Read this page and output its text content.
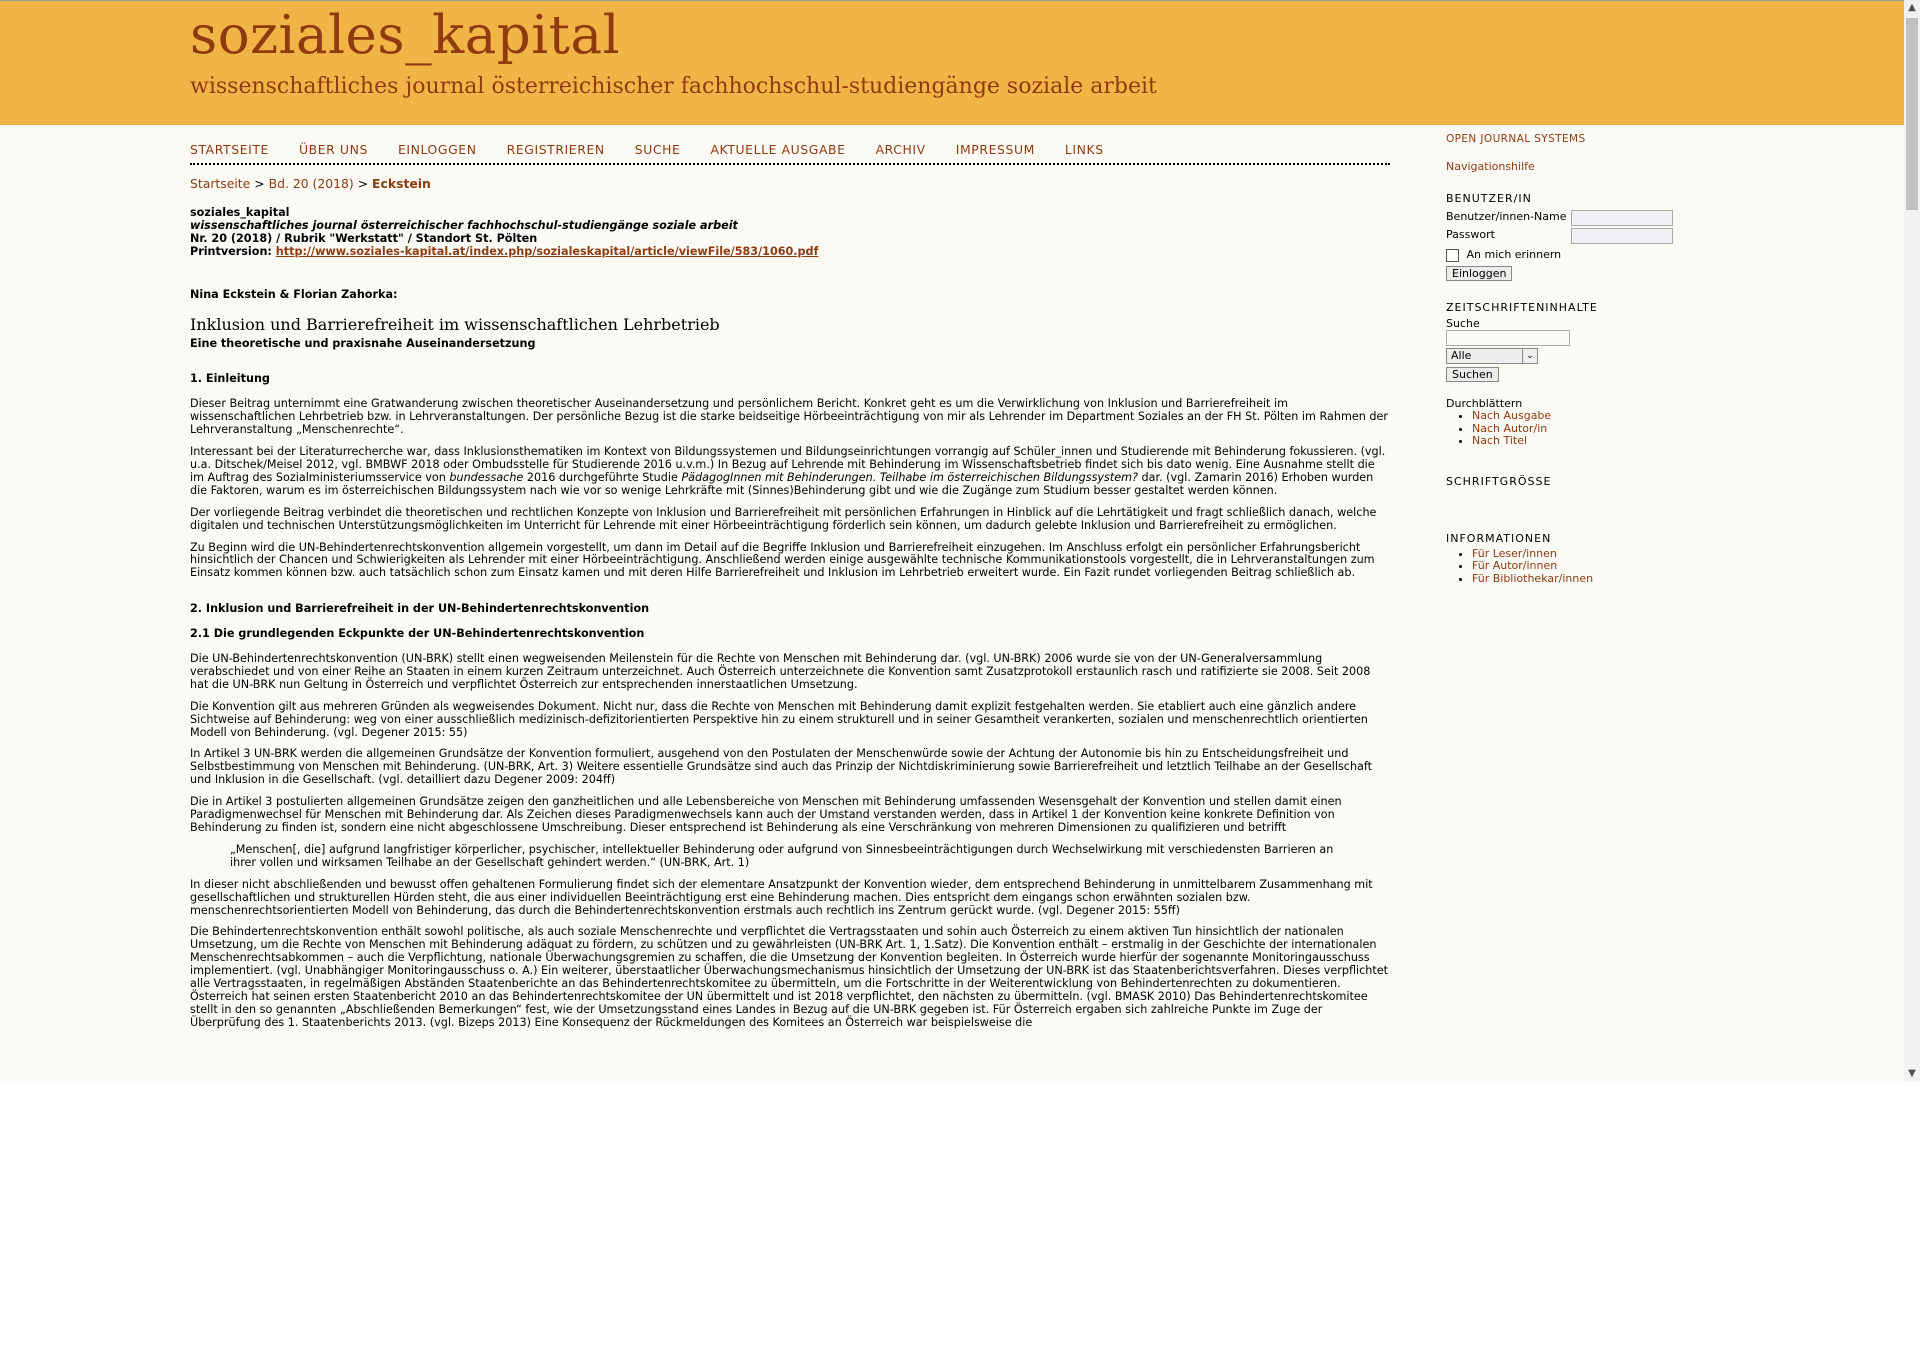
soziales_kapital
wissenschaftliches journal österreichischer fachhochschul-studiengänge soziale arbeit
STARTSEITE ÜBER UNS EINLOGGEN REGISTRIEREN SUCHE AKTUELLE AUSGABE ARCHIV IMPRESSUM LINKS
Startseite > Bd. 20 (2018) > Eckstein
soziales_kapital
wissenschaftliches journal österreichischer fachhochschul-studiengänge soziale arbeit
Nr. 20 (2018) / Rubrik "Werkstatt" / Standort St. Pölten
Printversion: http://www.soziales-kapital.at/index.php/sozialeskapital/article/viewFile/583/1060.pdf
Nina Eckstein & Florian Zahorka:
Inklusion und Barrierefreiheit im wissenschaftlichen Lehrbetrieb
Eine theoretische und praxisnahe Auseinandersetzung
1. Einleitung

Dieser Beitrag unternimmt eine Gratwanderung zwischen theoretischer Auseinandersetzung und persönlichem Bericht. Konkret geht es um die Verwirklichung von Inklusion und Barrierefreiheit im wissenschaftlichen Lehrbetrieb bzw. in Lehrveranstaltungen. Der persönliche Bezug ist die starke beidseitige Hörbeeinträchtigung von mir als Lehrender im Department Soziales an der FH St. Pölten im Rahmen der Lehrveranstaltung „Menschenrechte“.

Interessant bei der Literaturrecherche war, dass Inklusionsthematiken im Kontext von Bildungssystemen und Bildungseinrichtungen vorrangig auf Schüler_innen und Studierende mit Behinderung fokussieren. (vgl. u.a. Ditschek/Meisel 2012, vgl. BMBWF 2018 oder Ombudsstelle für Studierende 2016 u.v.m.) In Bezug auf Lehrende mit Behinderung im Wissenschaftsbetrieb findet sich bis dato wenig. Eine Ausnahme stellt die im Auftrag des Sozialministeriumsservice von bundessache 2016 durchgeführte Studie PädagogInnen mit Behinderungen. Teilhabe im österreichischen Bildungssystem? dar. (vgl. Zamarin 2016) Erhoben wurden die Faktoren, warum es im österreichischen Bildungssystem nach wie vor so wenige Lehrkräfte mit (Sinnes)Behinderung gibt und wie die Zugänge zum Studium besser gestaltet werden können.

Der vorliegende Beitrag verbindet die theoretischen und rechtlichen Konzepte von Inklusion und Barrierefreiheit mit persönlichen Erfahrungen in Hinblick auf die Lehrtätigkeit und fragt schließlich danach, welche digitalen und technischen Unterstützungsmöglichkeiten im Unterricht für Lehrende mit einer Hörbeeinträchtigung förderlich sein können, um dadurch gelebte Inklusion und Barrierefreiheit zu ermöglichen.

Zu Beginn wird die UN-Behindertenrechtskonvention allgemein vorgestellt, um dann im Detail auf die Begriffe Inklusion und Barrierefreiheit einzugehen. Im Anschluss erfolgt ein persönlicher Erfahrungsbericht hinsichtlich der Chancen und Schwierigkeiten als Lehrender mit einer Hörbeeinträchtigung. Anschließend werden einige ausgewählte technische Kommunikationstools vorgestellt, die in Lehrveranstaltungen zum Einsatz kommen können bzw. auch tatsächlich schon zum Einsatz kamen und mit deren Hilfe Barrierefreiheit und Inklusion im Lehrbetrieb erweitert wurde. Ein Fazit rundet vorliegenden Beitrag schließlich ab.

2. Inklusion und Barrierefreiheit in der UN-Behindertenrechtskonvention
2.1 Die grundlegenden Eckpunkte der UN-Behindertenrechtskonvention

Die UN-Behindertenrechtskonvention (UN-BRK) stellt einen wegweisenden Meilenstein für die Rechte von Menschen mit Behinderung dar. (vgl. UN-BRK) 2006 wurde sie von der UN-Generalversammlung verabschiedet und von einer Reihe an Staaten in einem kurzen Zeitraum unterzeichnet. Auch Österreich unterzeichnete die Konvention samt Zusatzprotokoll erstaunlich rasch und ratifizierte sie 2008. Seit 2008 hat die UN-BRK nun Geltung in Österreich und verpflichtet Österreich zur entsprechenden innerstaatlichen Umsetzung.

Die Konvention gilt aus mehreren Gründen als wegweisendes Dokument. Nicht nur, dass die Rechte von Menschen mit Behinderung damit explizit festgehalten werden. Sie etabliert auch eine gänzlich andere Sichtweise auf Behinderung: weg von einer ausschließlich medizinisch-defizitorientierten Perspektive hin zu einem strukturell und in seiner Gesamtheit verankerten, sozialen und menschenrechtlich orientierten Modell von Behinderung. (vgl. Degener 2015: 55)

In Artikel 3 UN-BRK werden die allgemeinen Grundsätze der Konvention formuliert, ausgehend von den Postulaten der Menschenwürde sowie der Achtung der Autonomie bis hin zu Entscheidungsfreiheit und Selbstbestimmung von Menschen mit Behinderung. (UN-BRK, Art. 3) Weitere essentielle Grundsätze sind auch das Prinzip der Nichtdiskriminierung sowie Barrierefreiheit und letztlich Teilhabe an der Gesellschaft und Inklusion in die Gesellschaft. (vgl. detailliert dazu Degener 2009: 204ff)

Die in Artikel 3 postulierten allgemeinen Grundsätze zeigen den ganzheitlichen und alle Lebensbereiche von Menschen mit Behinderung umfassenden Wesensgehalt der Konvention und stellen damit einen Paradigmenwechsel für Menschen mit Behinderung dar. Als Zeichen dieses Paradigmenwechsels kann auch der Umstand verstanden werden, dass in Artikel 1 der Konvention keine konkrete Definition von Behinderung zu finden ist, sondern eine nicht abgeschlossene Umschreibung. Dieser entsprechend ist Behinderung als eine Verschränkung von mehreren Dimensionen zu qualifizieren und betrifft

„Menschen[, die] aufgrund langfristiger körperlicher, psychischer, intellektueller Behinderung oder aufgrund von Sinnesbeeinträchtigungen durch Wechselwirkung mit verschiedensten Barrieren an ihrer vollen und wirksamen Teilhabe an der Gesellschaft gehindert werden.“ (UN-BRK, Art. 1)

In dieser nicht abschließenden und bewusst offen gehaltenen Formulierung findet sich der elementare Ansatzpunkt der Konvention wieder, dem entsprechend Behinderung in unmittelbarem Zusammenhang mit gesellschaftlichen und strukturellen Hürden steht, die aus einer individuellen Beeinträchtigung erst eine Behinderung machen. Dies entspricht dem eingangs schon erwähnten sozialen bzw. menschenrechtsorientierten Modell von Behinderung, das durch die Behindertenrechtskonvention erstmals auch rechtlich ins Zentrum gerückt wurde. (vgl. Degener 2015: 55ff)

Die Behindertenrechtskonvention enthält sowohl politische, als auch soziale Menschenrechte und verpflichtet die Vertragsstaaten und sohin auch Österreich zu einem aktiven Tun hinsichtlich der nationalen Umsetzung, um die Rechte von Menschen mit Behinderung adäquat zu fördern, zu schützen und zu gewährleisten (UN-BRK Art. 1, 1.Satz). Die Konvention enthält – erstmalig in der Geschichte der internationalen Menschenrechtsabkommen – auch die Verpflichtung, nationale Überwachungsgremien zu schaffen, die die Umsetzung der Konvention begleiten. In Österreich wurde hierfür der sogenannte Monitoringausschuss implementiert. (vgl. Unabhängiger Monitoringausschuss o. A.) Ein weiterer, überstaatlicher Überwachungsmechanismus hinsichtlich der Umsetzung der UN-BRK ist das Staatenberichtsverfahren. Dieses verpflichtet alle Vertragsstaaten, in regelmäßigen Abständen Staatenberichte an das Behindertenrechtskomitee zu übermitteln, um die Fortschritte in der Weiterentwicklung von Behindertenrechten zu dokumentieren. Österreich hat seinen ersten Staatenbericht 2010 an das Behindertenrechtskomitee der UN übermittelt und ist 2018 verpflichtet, den nächsten zu übermitteln. (vgl. BMASK 2010) Das Behindertenrechtskomitee stellt in den so genannten „Abschließenden Bemerkungen“ fest, wie der Umsetzungsstand eines Landes in Bezug auf die UN-BRK gegeben ist. Für Österreich ergaben sich zahlreiche Punkte im Zuge der Überprüfung des 1. Staatenberichts 2013. (vgl. Bizeps 2013) Eine Konsequenz der Rückmeldungen des Komitees an Österreich war beispielsweise die

OPEN JOURNAL SYSTEMS
Navigationshilfe
BENUTZER/IN
Benutzer/innen-Name
Passwort
An mich erinnern
Einloggen
ZEITSCHRIFTENINHALTE
Suche
Alle	⌄
Suchen
Durchblättern
• Nach Ausgabe
• Nach Autor/in
• Nach Titel
SCHRIFTGRÖSSE
INFORMATIONEN
• Für Leser/innen
• Für Autor/innen
• Für Bibliothekar/innen
▲
▼
